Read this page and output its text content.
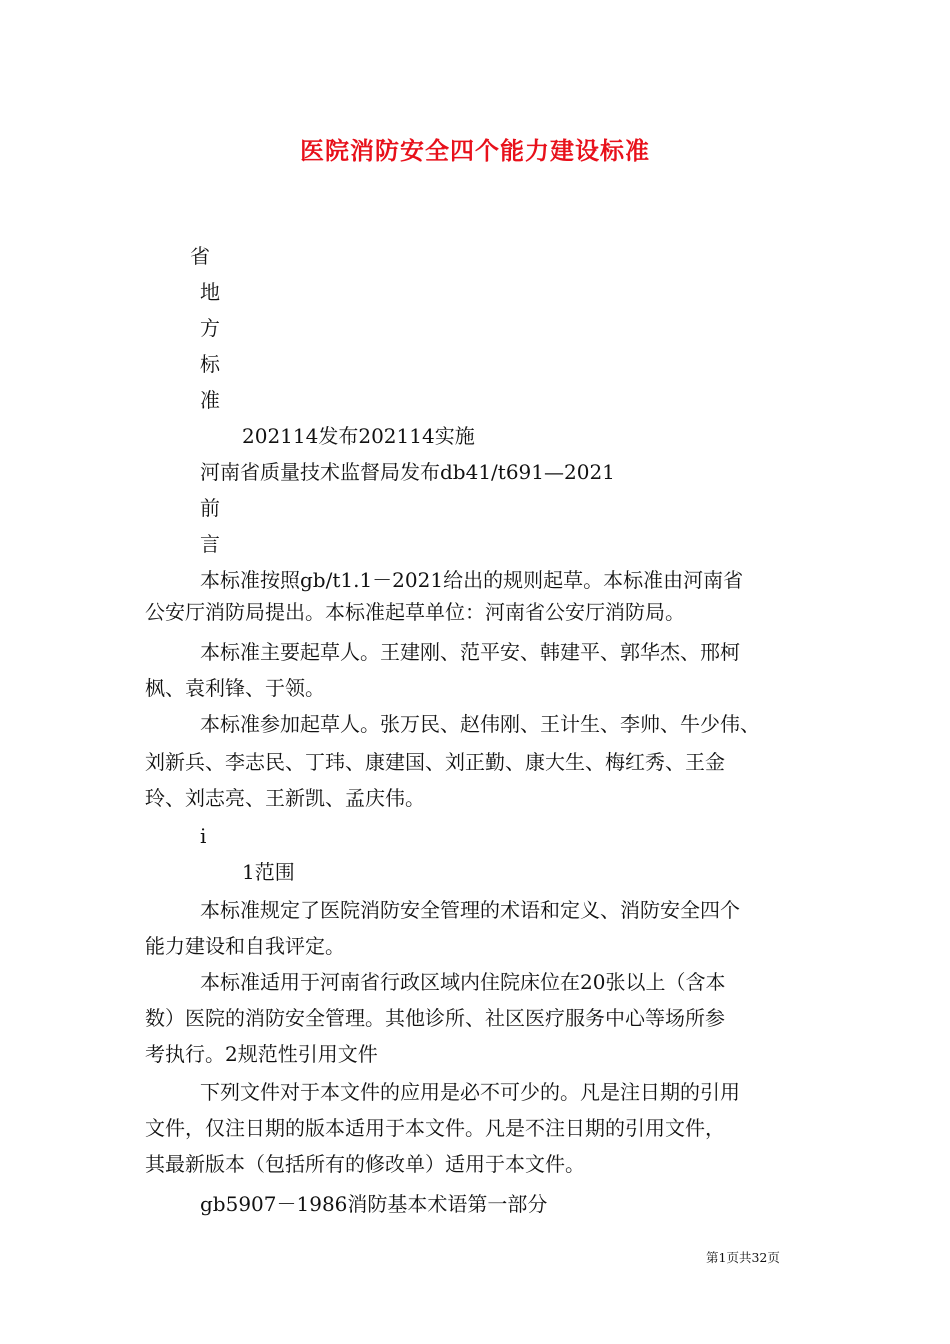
医院消防安全四个能力建设标准
省
地
方
标
准
202114发布202114实施
河南省质量技术监督局发布db41/t691—2021
前
言
本标准按照gb/t1.1－2021给出的规则起草。本标准由河南省
公安厅消防局提出。本标准起草单位：河南省公安厅消防局。
本标准主要起草人。王建刚、范平安、韩建平、郭华杰、邢柯
枫、袁利锋、于领。
本标准参加起草人。张万民、赵伟刚、王计生、李帅、牛少伟、
刘新兵、李志民、丁玮、康建国、刘正勤、康大生、梅红秀、王金
玲、刘志亮、王新凯、孟庆伟。
i
1范围
本标准规定了医院消防安全管理的术语和定义、消防安全四个
能力建设和自我评定。
本标准适用于河南省行政区域内住院床位在20张以上（含本
数）医院的消防安全管理。其他诊所、社区医疗服务中心等场所参
考执行。2规范性引用文件
下列文件对于本文件的应用是必不可少的。凡是注日期的引用
文件，仅注日期的版本适用于本文件。凡是不注日期的引用文件，
其最新版本（包括所有的修改单）适用于本文件。
gb5907－1986消防基本术语第一部分
第1页共32页
